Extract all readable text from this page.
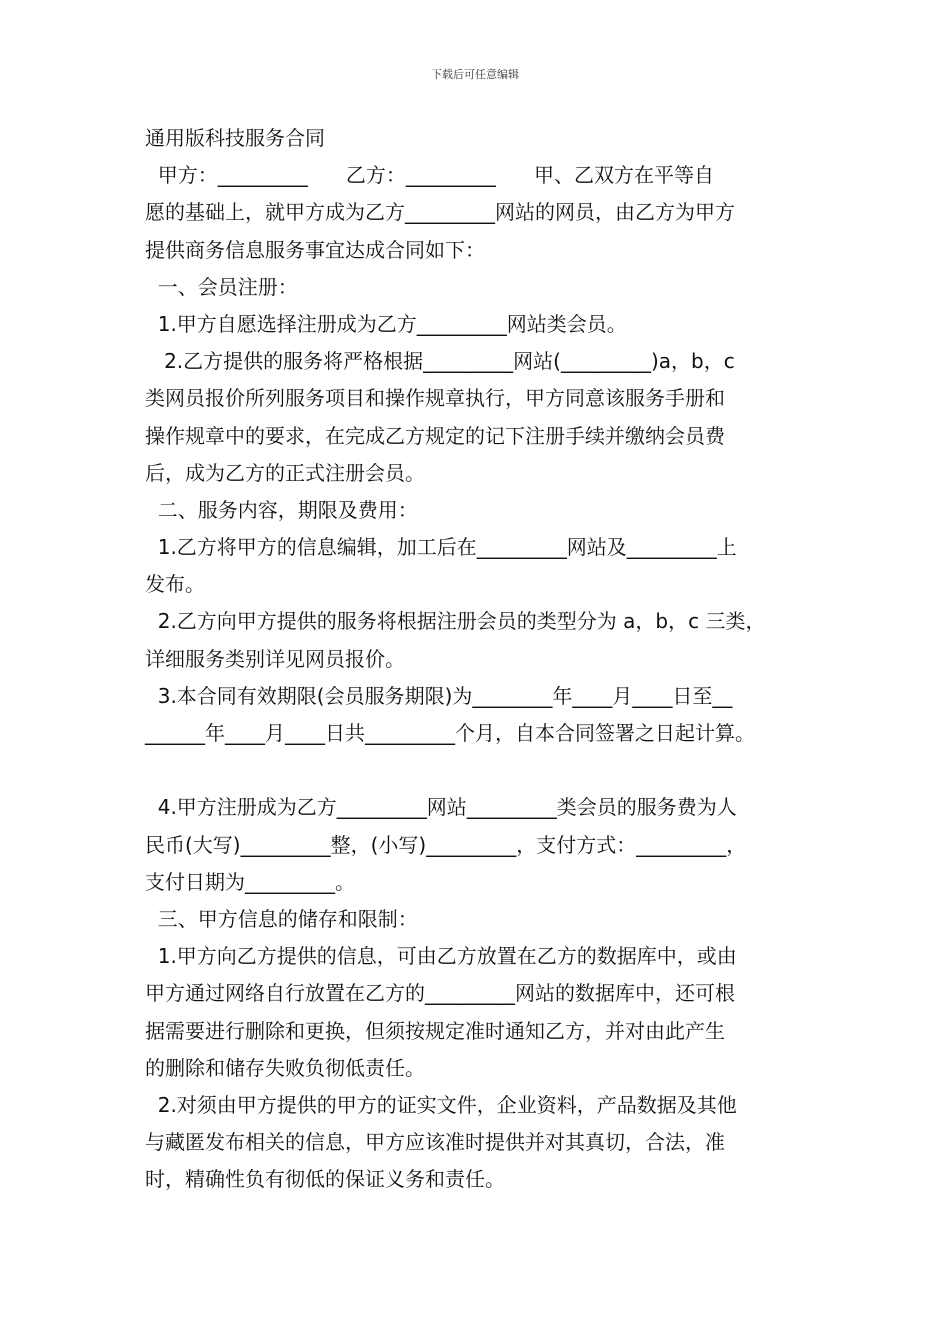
下载后可任意编辑
通用版科技服务合同
甲方：_________      乙方：_________      甲、乙双方在平等自
愿的基础上，就甲方成为乙方_________网站的网员，由乙方为甲方
提供商务信息服务事宜达成合同如下：
一、会员注册：
1.甲方自愿选择注册成为乙方_________网站类会员。
2.乙方提供的服务将严格根据_________网站(_________)a，b，c
类网员报价所列服务项目和操作规章执行，甲方同意该服务手册和
操作规章中的要求，在完成乙方规定的记下注册手续并缴纳会员费
后，成为乙方的正式注册会员。
二、服务内容，期限及费用：
1.乙方将甲方的信息编辑，加工后在_________网站及_________上
发布。
2.乙方向甲方提供的服务将根据注册会员的类型分为 a，b，c 三类，
详细服务类别详见网员报价。
3.本合同有效期限(会员服务期限)为________年____月____日至__
______年____月____日共_________个月，自本合同签署之日起计算。
4.甲方注册成为乙方_________网站_________类会员的服务费为人
民币(大写)_________整，(小写)_________，支付方式：_________，
支付日期为_________。
三、甲方信息的储存和限制：
1.甲方向乙方提供的信息，可由乙方放置在乙方的数据库中，或由
甲方通过网络自行放置在乙方的_________网站的数据库中，还可根
据需要进行删除和更换，但须按规定准时通知乙方，并对由此产生
的删除和储存失败负彻低责任。
2.对须由甲方提供的甲方的证实文件，企业资料，产品数据及其他
与藏匿发布相关的信息，甲方应该准时提供并对其真切，合法，准
时，精确性负有彻低的保证义务和责任。
